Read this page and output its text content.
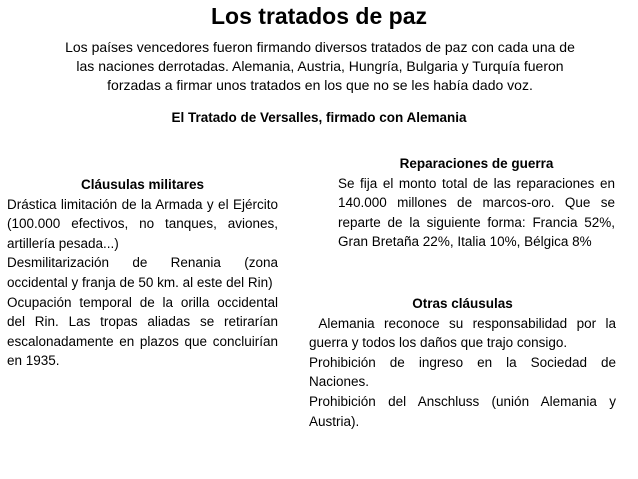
Los tratados de paz
Los países vencedores fueron firmando diversos tratados de paz con cada una de las naciones derrotadas. Alemania, Austria, Hungría, Bulgaria y Turquía fueron forzadas a firmar unos tratados en los que no se les había dado voz.
El Tratado de Versalles, firmado con Alemania
Cláusulas militares
Drástica limitación de la Armada y el Ejército (100.000 efectivos, no tanques, aviones, artillería pesada...)
Desmilitarización de Renania (zona occidental y franja de 50 km. al este del Rin)
Ocupación temporal de la orilla occidental del Rin. Las tropas aliadas se retirarían escalonadamente en plazos que concluirían en 1935.
Reparaciones de guerra
Se fija el monto total de las reparaciones en 140.000 millones de marcos-oro. Que se reparte de la siguiente forma: Francia 52%, Gran Bretaña 22%, Italia 10%, Bélgica 8%
Otras cláusulas
Alemania reconoce su responsabilidad por la guerra y todos los daños que trajo consigo.
Prohibición de ingreso en la Sociedad de Naciones.
Prohibición del Anschluss (unión Alemania y Austria).
